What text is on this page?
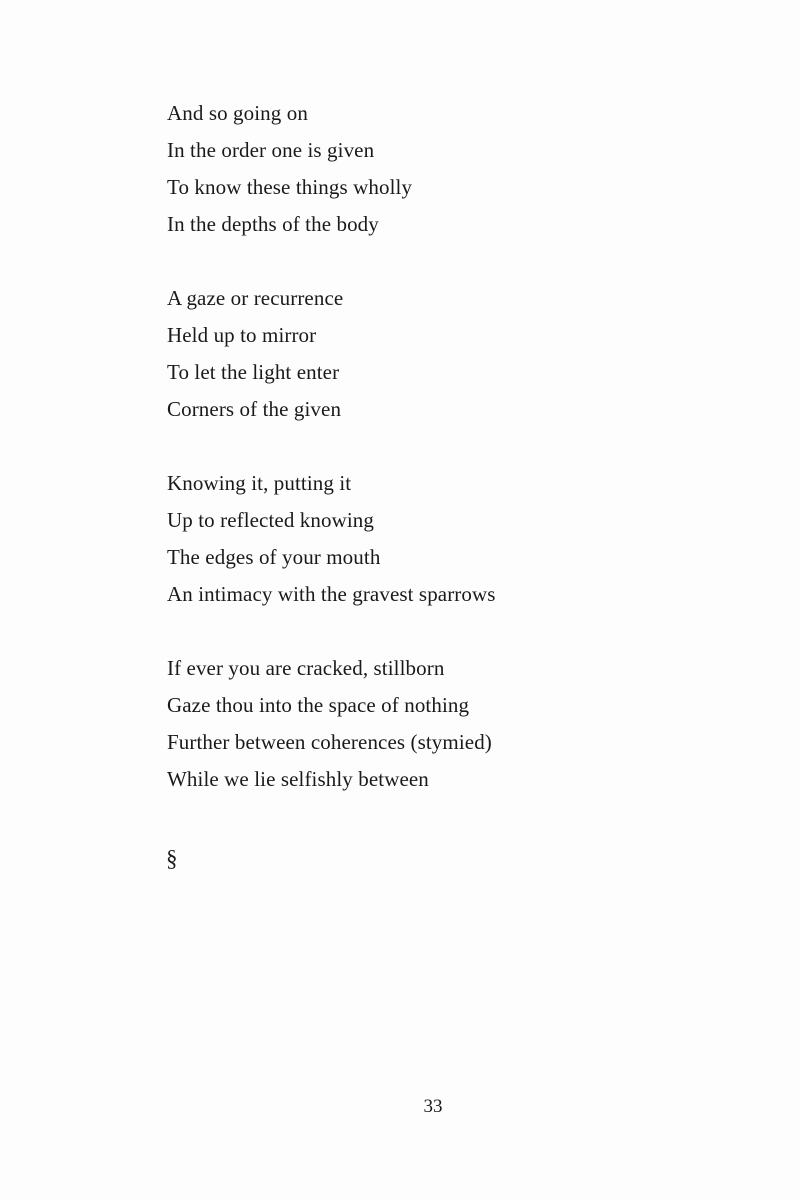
And so going on
In the order one is given
To know these things wholly
In the depths of the body
A gaze or recurrence
Held up to mirror
To let the light enter
Corners of the given
Knowing it, putting it
Up to reflected knowing
The edges of your mouth
An intimacy with the gravest sparrows
If ever you are cracked, stillborn
Gaze thou into the space of nothing
Further between coherences (stymied)
While we lie selfishly between
§
33
